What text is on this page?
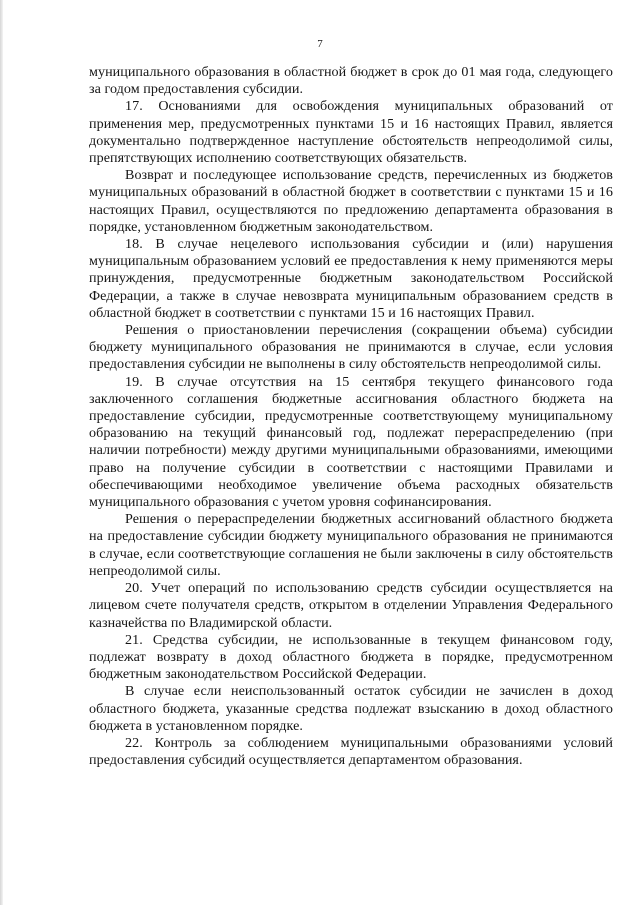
7

муниципального образования в областной бюджет в срок до 01 мая года, следующего за годом предоставления субсидии.

17. Основаниями для освобождения муниципальных образований от применения мер, предусмотренных пунктами 15 и 16 настоящих Правил, является документально подтвержденное наступление обстоятельств непреодолимой силы, препятствующих исполнению соответствующих обязательств.

Возврат и последующее использование средств, перечисленных из бюджетов муниципальных образований в областной бюджет в соответствии с пунктами 15 и 16 настоящих Правил, осуществляются по предложению департамента образования в порядке, установленном бюджетным законодательством.

18. В случае нецелевого использования субсидии и (или) нарушения муниципальным образованием условий ее предоставления к нему применяются меры принуждения, предусмотренные бюджетным законодательством Российской Федерации, а также в случае невозврата муниципальным образованием средств в областной бюджет в соответствии с пунктами 15 и 16 настоящих Правил.

Решения о приостановлении перечисления (сокращении объема) субсидии бюджету муниципального образования не принимаются в случае, если условия предоставления субсидии не выполнены в силу обстоятельств непреодолимой силы.

19. В случае отсутствия на 15 сентября текущего финансового года заключенного соглашения бюджетные ассигнования областного бюджета на предоставление субсидии, предусмотренные соответствующему муниципальному образованию на текущий финансовый год, подлежат перераспределению (при наличии потребности) между другими муниципальными образованиями, имеющими право на получение субсидии в соответствии с настоящими Правилами и обеспечивающими необходимое увеличение объема расходных обязательств муниципального образования с учетом уровня софинансирования.

Решения о перераспределении бюджетных ассигнований областного бюджета на предоставление субсидии бюджету муниципального образования не принимаются в случае, если соответствующие соглашения не были заключены в силу обстоятельств непреодолимой силы.

20. Учет операций по использованию средств субсидии осуществляется на лицевом счете получателя средств, открытом в отделении Управления Федерального казначейства по Владимирской области.

21. Средства субсидии, не использованные в текущем финансовом году, подлежат возврату в доход областного бюджета в порядке, предусмотренном бюджетным законодательством Российской Федерации.

В случае если неиспользованный остаток субсидии не зачислен в доход областного бюджета, указанные средства подлежат взысканию в доход областного бюджета в установленном порядке.

22. Контроль за соблюдением муниципальными образованиями условий предоставления субсидий осуществляется департаментом образования.
